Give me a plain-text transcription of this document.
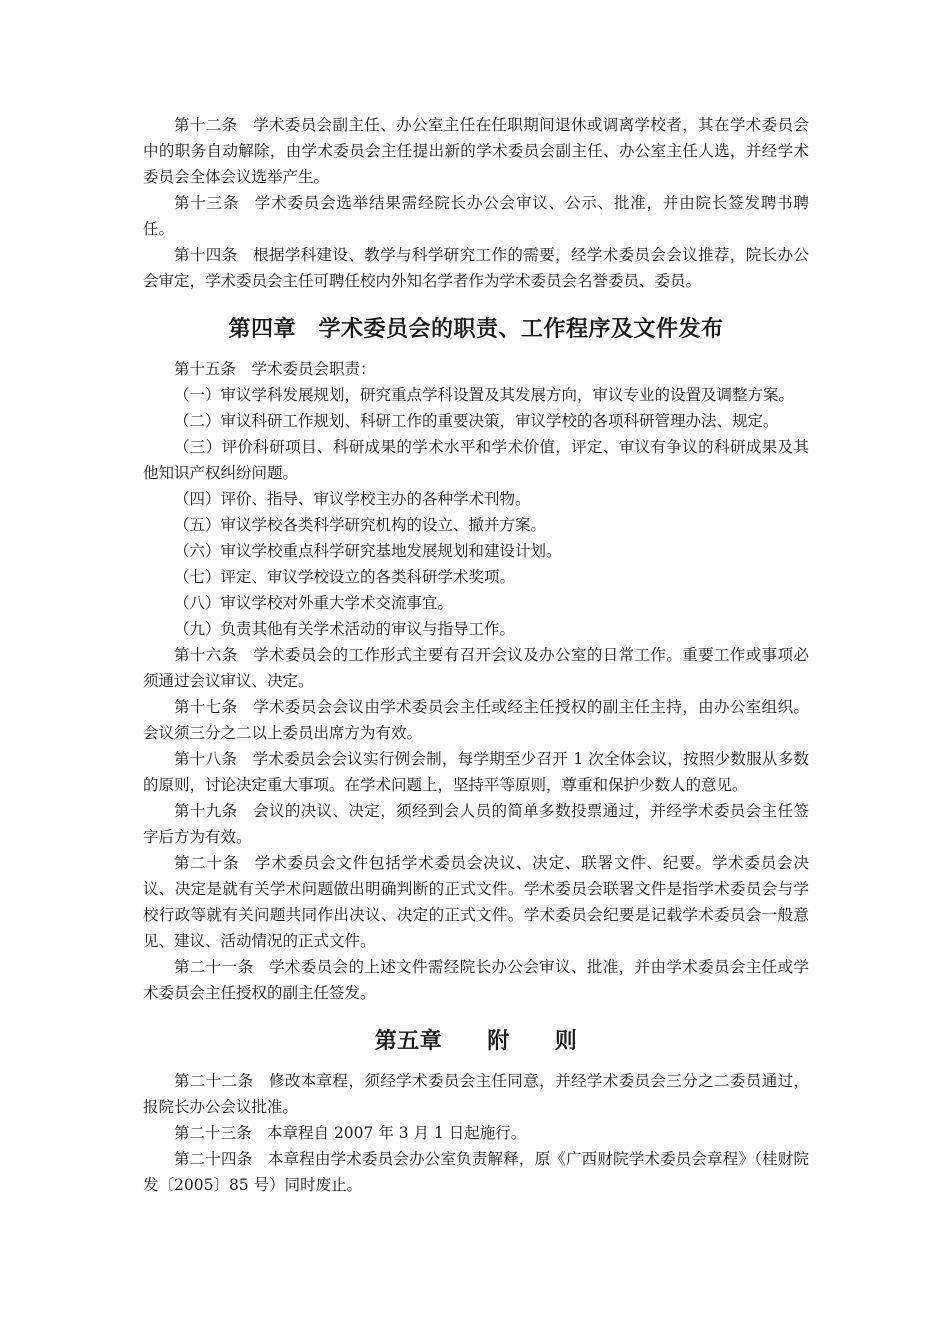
第十二条 学术委员会副主任、办公室主任在任职期间退休或调离学校者，其在学术委员会中的职务自动解除，由学术委员会主任提出新的学术委员会副主任、办公室主任人选，并经学术委员会全体会议选举产生。

第十三条 学术委员会选举结果需经院长办公会审议、公示、批准，并由院长签发聘书聘任。

第十四条 根据学科建设、教学与科学研究工作的需要，经学术委员会会议推荐，院长办公会审定，学术委员会主任可聘任校内外知名学者作为学术委员会名誉委员、委员。

第四章　学术委员会的职责、工作程序及文件发布

第十五条 学术委员会职责：

（一）审议学科发展规划，研究重点学科设置及其发展方向，审议专业的设置及调整方案。

（二）审议科研工作规划、科研工作的重要决策，审议学校的各项科研管理办法、规定。

（三）评价科研项目、科研成果的学术水平和学术价值，评定、审议有争议的科研成果及其他知识产权纠纷问题。

（四）评价、指导、审议学校主办的各种学术刊物。

（五）审议学校各类科学研究机构的设立、撤并方案。

（六）审议学校重点科学研究基地发展规划和建设计划。

（七）评定、审议学校设立的各类科研学术奖项。

（八）审议学校对外重大学术交流事宜。

（九）负责其他有关学术活动的审议与指导工作。

第十六条 学术委员会的工作形式主要有召开会议及办公室的日常工作。重要工作或事项必须通过会议审议、决定。

第十七条 学术委员会会议由学术委员会主任或经主任授权的副主任主持，由办公室组织。会议须三分之二以上委员出席方为有效。

第十八条 学术委员会会议实行例会制，每学期至少召开 1 次全体会议，按照少数服从多数的原则，讨论决定重大事项。在学术问题上，坚持平等原则，尊重和保护少数人的意见。

第十九条 会议的决议、决定，须经到会人员的简单多数投票通过，并经学术委员会主任签字后方为有效。

第二十条 学术委员会文件包括学术委员会决议、决定、联署文件、纪要。学术委员会决议、决定是就有关学术问题做出明确判断的正式文件。学术委员会联署文件是指学术委员会与学校行政等就有关问题共同作出决议、决定的正式文件。学术委员会纪要是记载学术委员会一般意见、建议、活动情况的正式文件。

第二十一条 学术委员会的上述文件需经院长办公会审议、批准，并由学术委员会主任或学术委员会主任授权的副主任签发。

第五章　　附　　则

第二十二条 修改本章程，须经学术委员会主任同意，并经学术委员会三分之二委员通过，报院长办公会议批准。

第二十三条 本章程自 2007 年 3 月 1 日起施行。

第二十四条 本章程由学术委员会办公室负责解释，原《广西财院学术委员会章程》（桂财院发〔2005〕85 号）同时废止。
